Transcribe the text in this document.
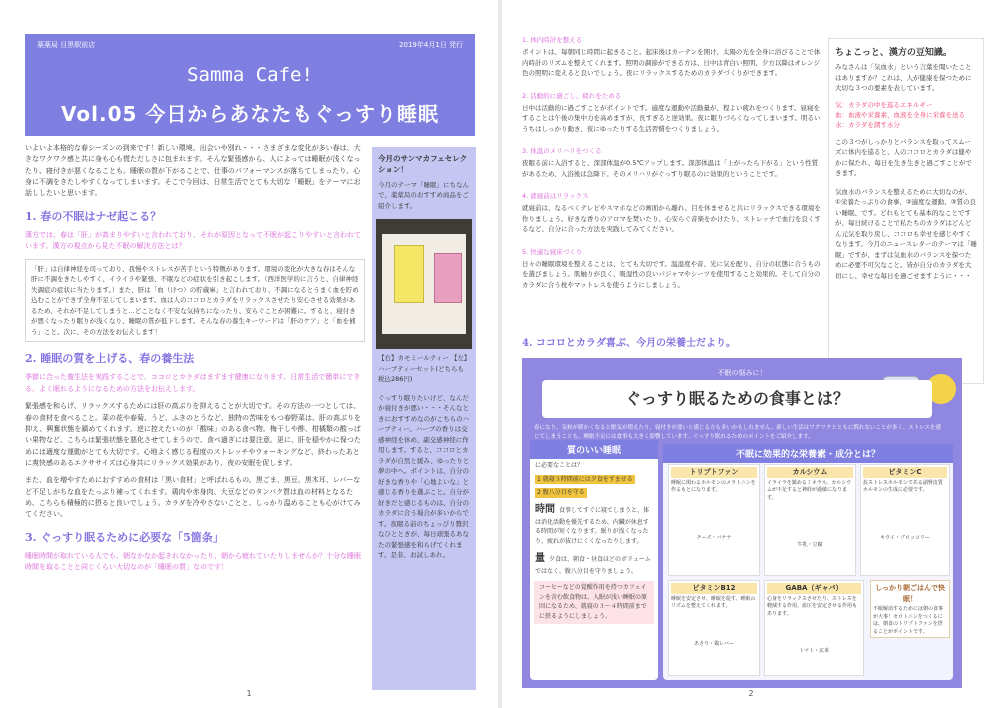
薬薬局 目黒駅前店	2019年4月1日 発行
Samma Cafe!
Vol.05 今日からあなたもぐっすり睡眠
いよいよ本格的な春シーズンの到来です！新しい環境、出会いや別れ・・・さまざまな変化が多い春は、大きなワクワク感と共に身も心も慌ただしさに包まれます。そんな緊張感から、人によっては睡眠が浅くなったり、寝付きが悪くなることも。睡眠の質が下がることで、仕事のパフォーマンスが落ちてしまったり、心身に不調をきたしやすくなってしまいます。そこで今回は、日常生活でとても大切な「睡眠」をテーマにお話ししたいと思います。
1. 春の不眠はナゼ起こる？
漢方では、春は「肝」が高まりやすいと言われており、それが原因となって不眠が起こりやすいと言われています。漢方の視点から見た不眠の解決方法とは？
「肝」は自律神経を司っており、我慢やストレスが苦手という特徴があります。環境の変化が大きな春はそんな肝に不調をきたしやすく、イライラや緊張、不眠などの症状を引き起こします。（西洋医学的に言うと、自律神経失調症の症状に当たります。）また、肝は「血（けつ）の貯蔵庫」と言われており、不調になるとうまく血を貯め込むことができず全身不足してしまいます。血は人のココロとカラダをリラックスさせたり安心させる効果があるため、それが不足してしまうと…どことなく不安な気持ちになったり、安らぐことが困難に。すると、寝付きが悪くなったり眠りが浅くなり、睡眠の質が低下します。そんな春の養生キーワードは「肝のケア」と「血を補う」こと。次に、その方法をお伝えします！
2. 睡眠の質を上げる、春の養生法
季節に合った養生法を実践することで、ココロとカラダはますます健康になります。日常生活で簡単にできる、よく眠れるようになるための方法をお伝えします。
緊張感を和らげ、リラックスするためには肝の高ぶりを抑えることが大切です。その方法の一つとしては、春の食材を食べること。菜の花や春菊、うど、ふきのとうなど、独特の苦味をもつ春野菜は、肝の高ぶりを抑え、興奮状態を鎮めてくれます。逆に控えたいのが「酸味」のある食べ物。梅干しや酢、柑橘類の酸っぱい果物など、こちらは緊張状態を悪化させてしまうので、食べ過ぎには要注意。更に、肝を穏やかに保つためには適度な運動がとても大切です。心地よく感じる程度のストレッチやウォーキングなど、終わったあとに爽快感のあるエクササイズは心身共にリラックス効果があり、夜の安眠を促します。
また、血を増やすためにおすすめの食材は「黒い食材」と呼ばれるもの。黒ごま、黒豆、黒木耳、レバーなど不足しがちな血をたっぷり補ってくれます。鶏肉や赤身肉、大豆などのタンパク質は血の材料となるため、こちらも積極的に摂ると良いでしょう。カラダを冷やさないことと、しっかり温めることも心がけてみてください。
3. ぐっすり眠るために必要な「5箇条」
睡眠時間が取れている人でも、朝なかなか起きれなかったり、朝から疲れていたりしませんか？十分な睡眠時間を取ることと同じくらい大切なのが「睡眠の質」なのです！
今月のサンマカフェセレクション！
今月のテーマ「睡眠」にちなんで、薬薬局のおすすめ商品をご紹介します。
【右】カモミールティー 【左】ハーブティーセット(どちらも税込286円)
ぐっすり眠りたいけど、なんだか寝付きが悪い・・・そんなときにおすすめなのがこちらのハーブティー。ハーブの香りは交感神経を休め、副交感神経に作用します。すると、ココロとカラダが自然と緩み、ゆったりと夢の中へ。ポイントは、自分の好きな香りや「心地よいな」と感じる香りを選ぶこと。自分が好きだと感じるものは、自分のカラダに合う場合が多いからです。夜眠る前のちょっぴり贅沢なひとときが、毎日頑張るあなたの緊張感を和らげてくれます。是非、お試しあれ。
1
1. 体内時計を整える
ポイントは、毎朝同じ時間に起きること。起床後はカーテンを開け、太陽の光を全身に浴びることで体内時計のリズムを整えてくれます。照明の調節ができる方は、日中は青白い照明、夕方以降はオレンジ色の照明に変えると良いでしょう。夜にリラックスするためのカラダづくりができます。
2. 活動的に過ごし、疲れをためる
日中は活動的に過ごすことがポイントです。適度な運動や活動量が、程よい疲れをつくります。昼寝をすることは午後の集中力を高めますが、長すぎると逆効果。夜に眠りづらくなってしまいます。明るいうちはしっかり動き、夜にゆったりする生活習慣をつくりましょう。
3. 体温のメリハリをつくる
夜眠る前に入浴すると、深部体温が0.5℃アップします。深部体温は「上がったら下がる」という性質があるため、入浴後は急降下。そのメリハリがぐっすり眠るのに効果的ということです。
4. 就寝前はリラックス
就寝前は、なるべくテレビやスマホなどの画面から離れ、目を休ませると共にリラックスできる環境を作りましょう。好きな香りのアロマを焚いたり、心安らぐ音楽をかけたり、ストレッチで血行を良くするなど、自分に合った方法を実践してみてください。
5. 快適な寝床づくり
日々の睡眠環境を整えることは、とても大切です。温湿度や音、光に気を配り、自分の状態に合うものを選びましょう。肌触りが良く、吸湿性の良いパジャマやシーツを使用すること効果的。そして自分のカラダに合う枕やマットレスを使うようにしましょう。
ちょこっと、漢方の豆知識。
みなさんは「気血水」という言葉を聞いたことはありますか？これは、人が健康を保つために大切な３つの要素を表しています。
気：カラダの中を巡るエネルギー
血：血液や栄養素、血液を全身に栄養を送る
水：カラダを潤す水分
この３つがしっかりとバランスを取ってスムーズに体内を巡ると、人のココロとカラダは健やかに保たれ、毎日を生き生きと過ごすことができます。
気血水のバランスを整えるために大切なのが、①栄養たっぷりの食事、②適度な運動、③質の良い睡眠、です。どれもとても基本的なことですが、毎日続けることで私たちのカラダはどんどん元気を取り戻し、ココロも幸せを感じやすくなります。今月のニュースレターのテーマは「睡眠」ですが、まずは気血水のバランスを保つために必要不可欠なこと。皆が自分のカラダを大切にし、幸せな毎日を過ごせますように・・・
4. ココロとカラダ喜ぶ、今月の栄養士だより。
不眠の悩みに！
ぐっすり眠るための食事とは？
春になり、気候が暖かくなると眠気が増えたり、寝付きが悪いと感じる方も多いかもしれません。新しい生活はワクワクとともに慣れないことが多く、ストレスを感じてしまうことも。睡眠不足には食事も大きく影響しています。ぐっすり眠れるためのポイントをご紹介します。
質のいい睡眠
に必要なことは？
1 就寝３時間前には夕食をすませる
2 腹八分目を守る
時間 食事してすぐに寝てしまうと、体は消化活動を優先するため、内臓が休息する時間が短くなります。眠りが浅くなったり、疲れが抜けにくくなったりします。
量夕食は、朝食・昼食ほどのボリュームではなく、腹八分目を守りましょう。
コーヒーなどの覚醒作用を持つカフェインを含む飲食物は、入眠が浅い睡眠の原因になるため、就寝の３〜４時間前までに摂るようにしましょう。
不眠に効果的な栄養素・成分とは？
トリプトファン
睡眠に関わるホルモンのメラトニンを作るもとになります。
チーズ・バナナ
カルシウム
イライラを鎮めるミネラル。カルシウムが不足すると神経が過敏になります。
牛乳・豆腐
ビタミンC
抗ストレスホルモンである副腎皮質ホルモンの生成に必要です。
キウイ・ブロッコリー
ビタミンB12
睡眠を安定させ、睡眠を促す、睡眠のリズムを整えてくれます。
あさり・鶏レバー
GABA（ギャバ）
心身をリラックスさせたり、ストレスを軽減する作用。血圧を安定させる作用もあります。
トマト・玄米
しっかり朝ごはんで快眠！
不眠解消するためには朝の食事が大事！セロトニンをつくるには、朝食のトリプトファンを摂ることがポイントです。
2
